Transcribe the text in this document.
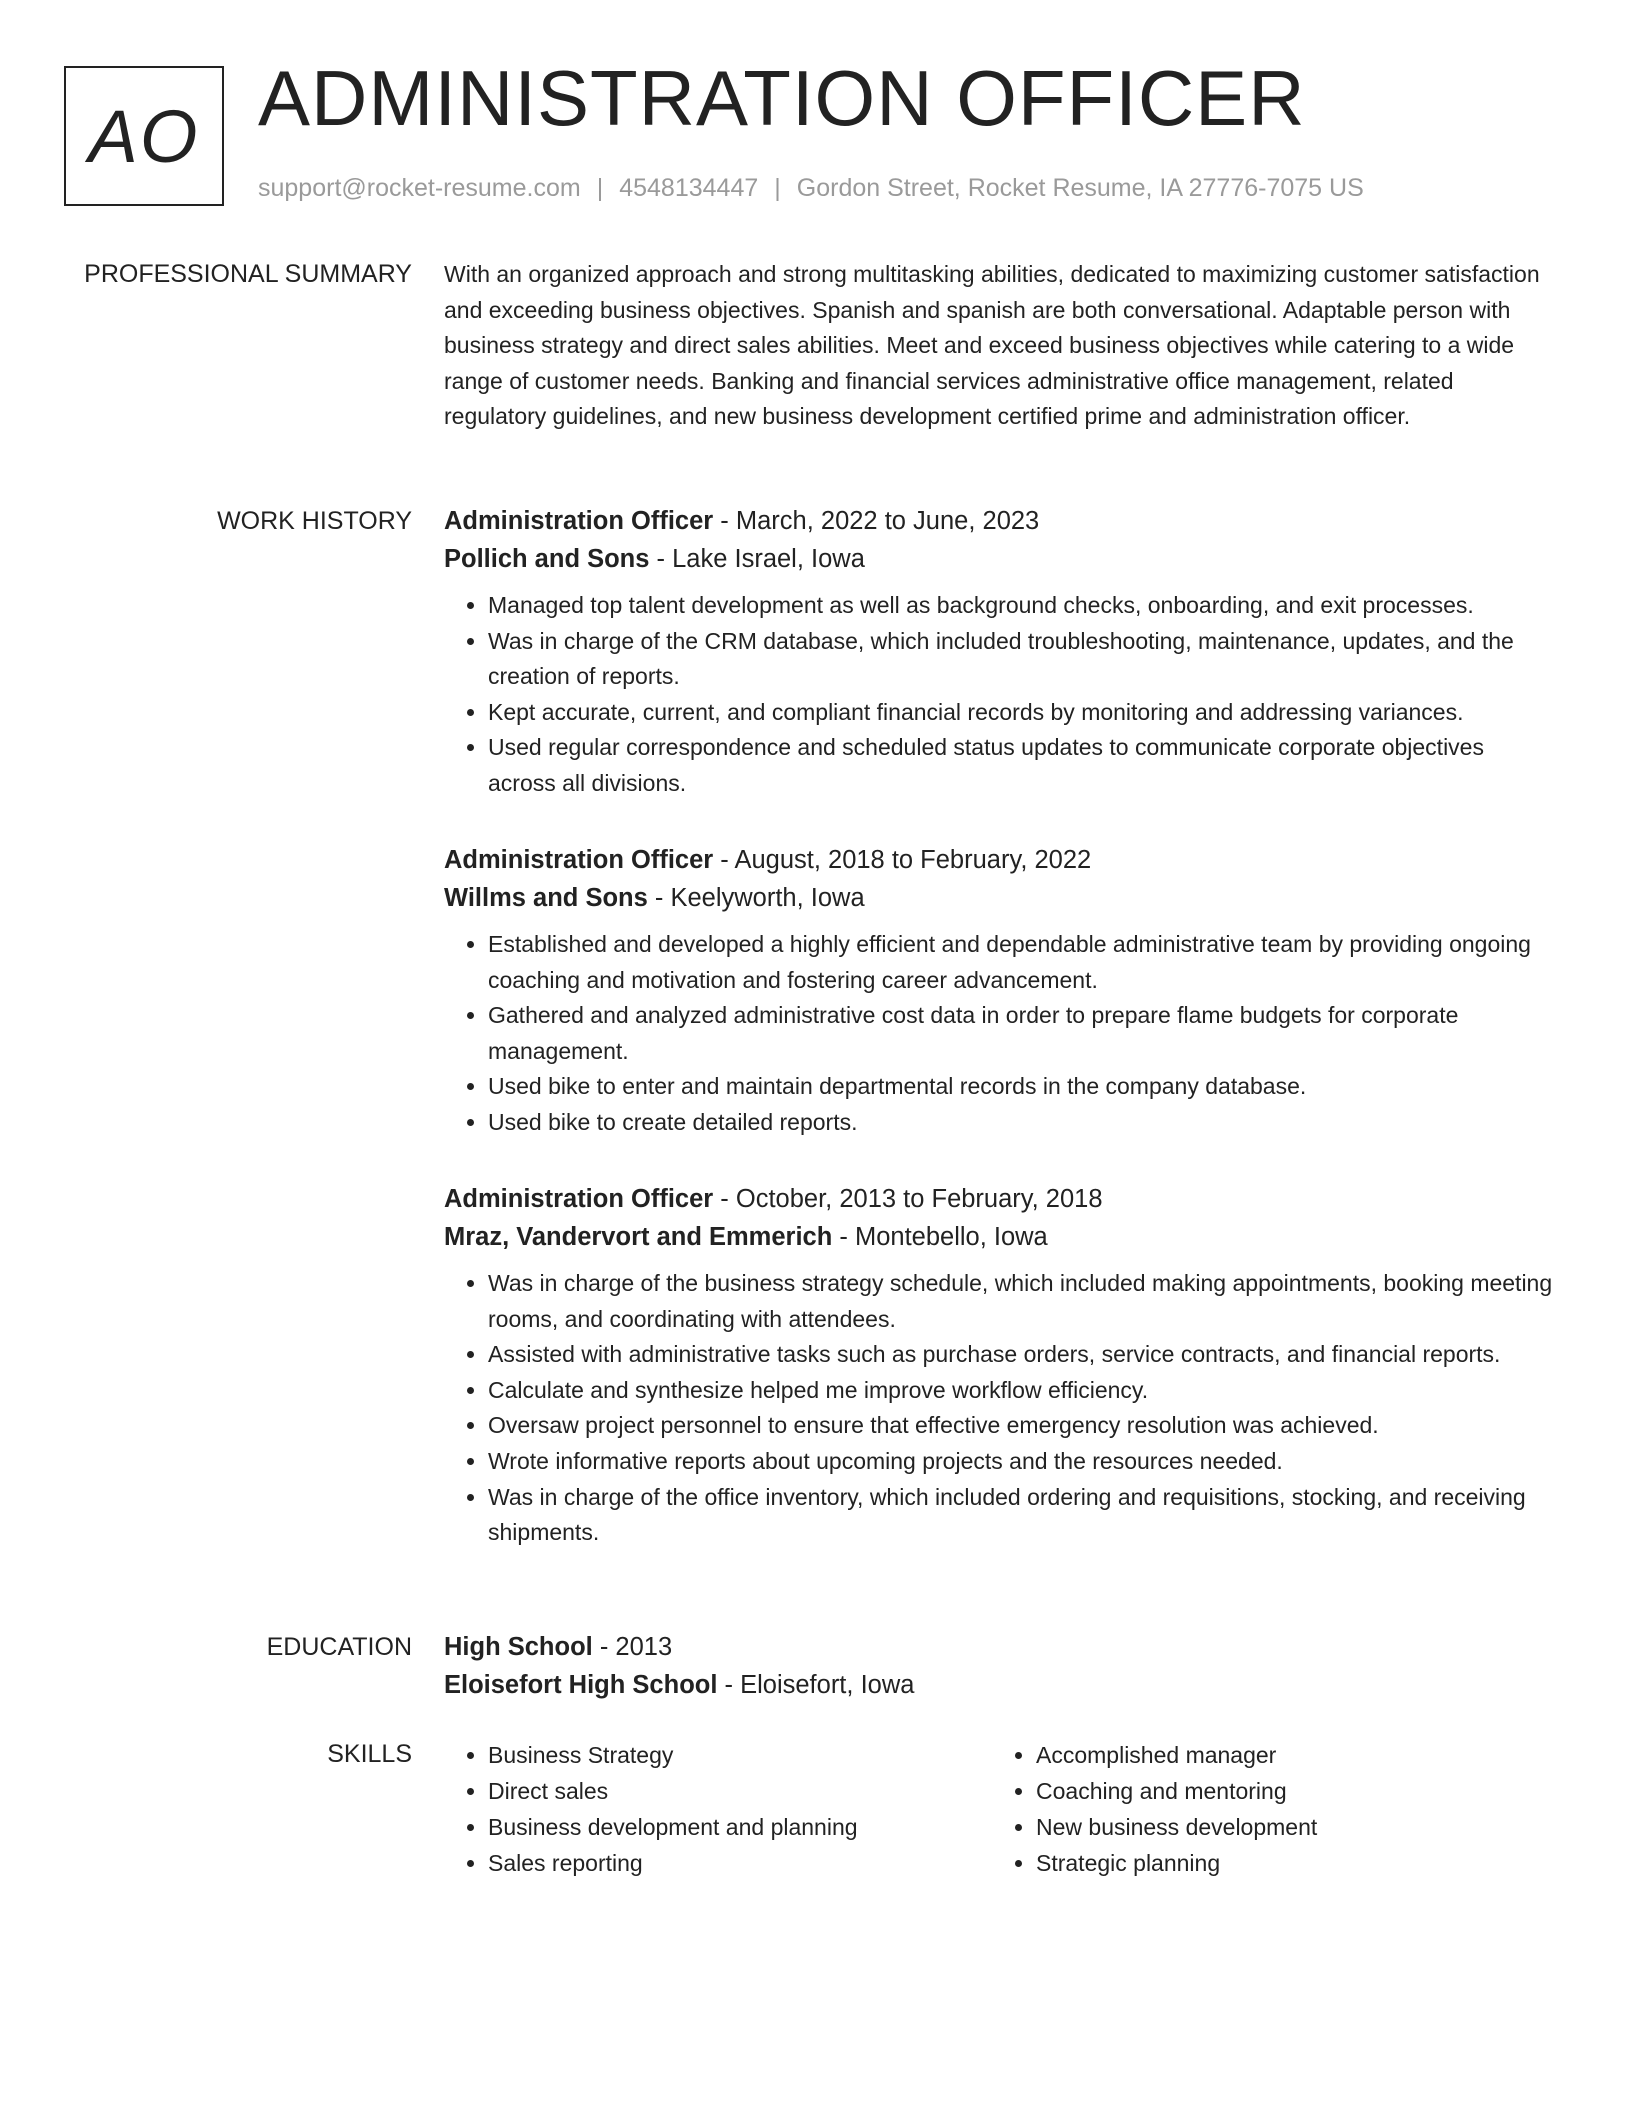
AO ADMINISTRATION OFFICER
support@rocket-resume.com | 4548134447 | Gordon Street, Rocket Resume, IA 27776-7075 US
PROFESSIONAL SUMMARY With an organized approach and strong multitasking abilities, dedicated to maximizing customer satisfaction and exceeding business objectives. Spanish and spanish are both conversational. Adaptable person with business strategy and direct sales abilities. Meet and exceed business objectives while catering to a wide range of customer needs. Banking and financial services administrative office management, related regulatory guidelines, and new business development certified prime and administration officer.

WORK HISTORY Administration Officer - March, 2022 to June, 2023
Pollich and Sons - Lake Israel, Iowa
• Managed top talent development as well as background checks, onboarding, and exit processes.
• Was in charge of the CRM database, which included troubleshooting, maintenance, updates, and the creation of reports.
• Kept accurate, current, and compliant financial records by monitoring and addressing variances.
• Used regular correspondence and scheduled status updates to communicate corporate objectives across all divisions.
Administration Officer - August, 2018 to February, 2022
Willms and Sons - Keelyworth, Iowa
• Established and developed a highly efficient and dependable administrative team by providing ongoing coaching and motivation and fostering career advancement.
• Gathered and analyzed administrative cost data in order to prepare flame budgets for corporate management.
• Used bike to enter and maintain departmental records in the company database.
• Used bike to create detailed reports.
Administration Officer - October, 2013 to February, 2018
Mraz, Vandervort and Emmerich - Montebello, Iowa
• Was in charge of the business strategy schedule, which included making appointments, booking meeting rooms, and coordinating with attendees.
• Assisted with administrative tasks such as purchase orders, service contracts, and financial reports.
• Calculate and synthesize helped me improve workflow efficiency.
• Oversaw project personnel to ensure that effective emergency resolution was achieved.
• Wrote informative reports about upcoming projects and the resources needed.
• Was in charge of the office inventory, which included ordering and requisitions, stocking, and receiving shipments.
EDUCATION High School - 2013
Eloisefort High School - Eloisefort, Iowa
SKILLS
•	Business Strategy
• Direct sales
• Business development and planning
• Sales reporting
• Accomplished manager
• Coaching and mentoring
• New business development
• Strategic planning
